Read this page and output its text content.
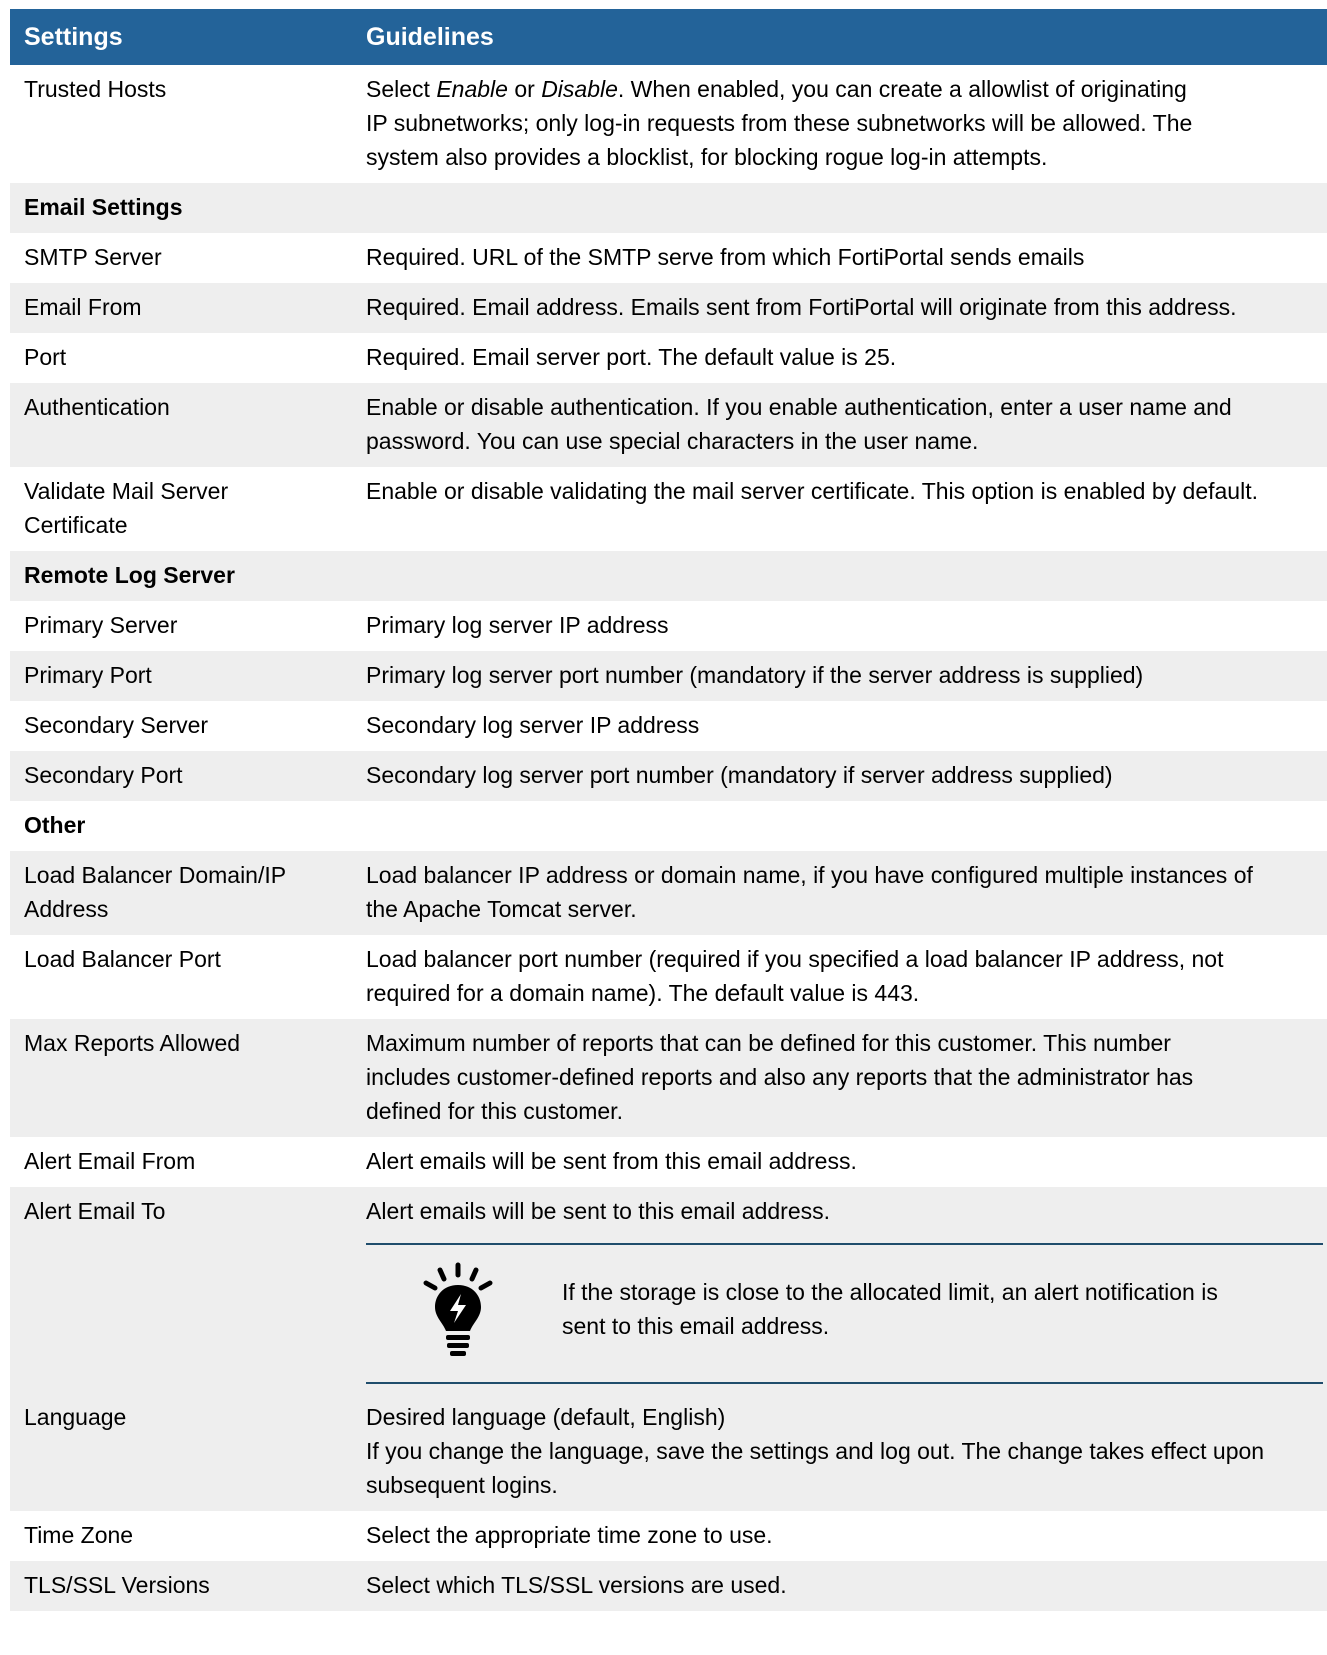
Settings	Guidelines
Trusted Hosts	Select Enable or Disable. When enabled, you can create a allowlist of originating
IP subnetworks; only log-in requests from these subnetworks will be allowed. The
system also provides a blocklist, for blocking rogue log-in attempts.

Email Settings	
SMTP Server	Required. URL of the SMTP serve from which FortiPortal sends emails
Email From	Required. Email address. Emails sent from FortiPortal will originate from this address.
Port	Required. Email server port. The default value is 25.
Authentication	Enable or disable authentication. If you enable authentication, enter a user name and
password. You can use special characters in the user name.

Validate Mail Server
Certificate	Enable or disable validating the mail server certificate. This option is enabled by default.
Remote Log Server	
Primary Server	Primary log server IP address
Primary Port	Primary log server port number (mandatory if the server address is supplied)
Secondary Server	Secondary log server IP address
Secondary Port	Secondary log server port number (mandatory if server address supplied)
Other	

Load Balancer Domain/IP
Address	Load balancer IP address or domain name, if you have configured multiple instances of
the Apache Tomcat server.

Load Balancer Port	Load balancer port number (required if you specified a load balancer IP address, not
required for a domain name). The default value is 443.

Max Reports Allowed	Maximum number of reports that can be defined for this customer. This number
includes customer-defined reports and also any reports that the administrator has
defined for this customer.

Alert Email From	Alert emails will be sent from this email address.
Alert Email To	Alert emails will be sent to this email address.
If the storage is close to the allocated limit, an alert notification is
sent to this email address.

Language	Desired language (default, English)
If you change the language, save the settings and log out. The change takes effect upon
subsequent logins.

Time Zone	Select the appropriate time zone to use.
TLS/SSL Versions	Select which TLS/SSL versions are used.
